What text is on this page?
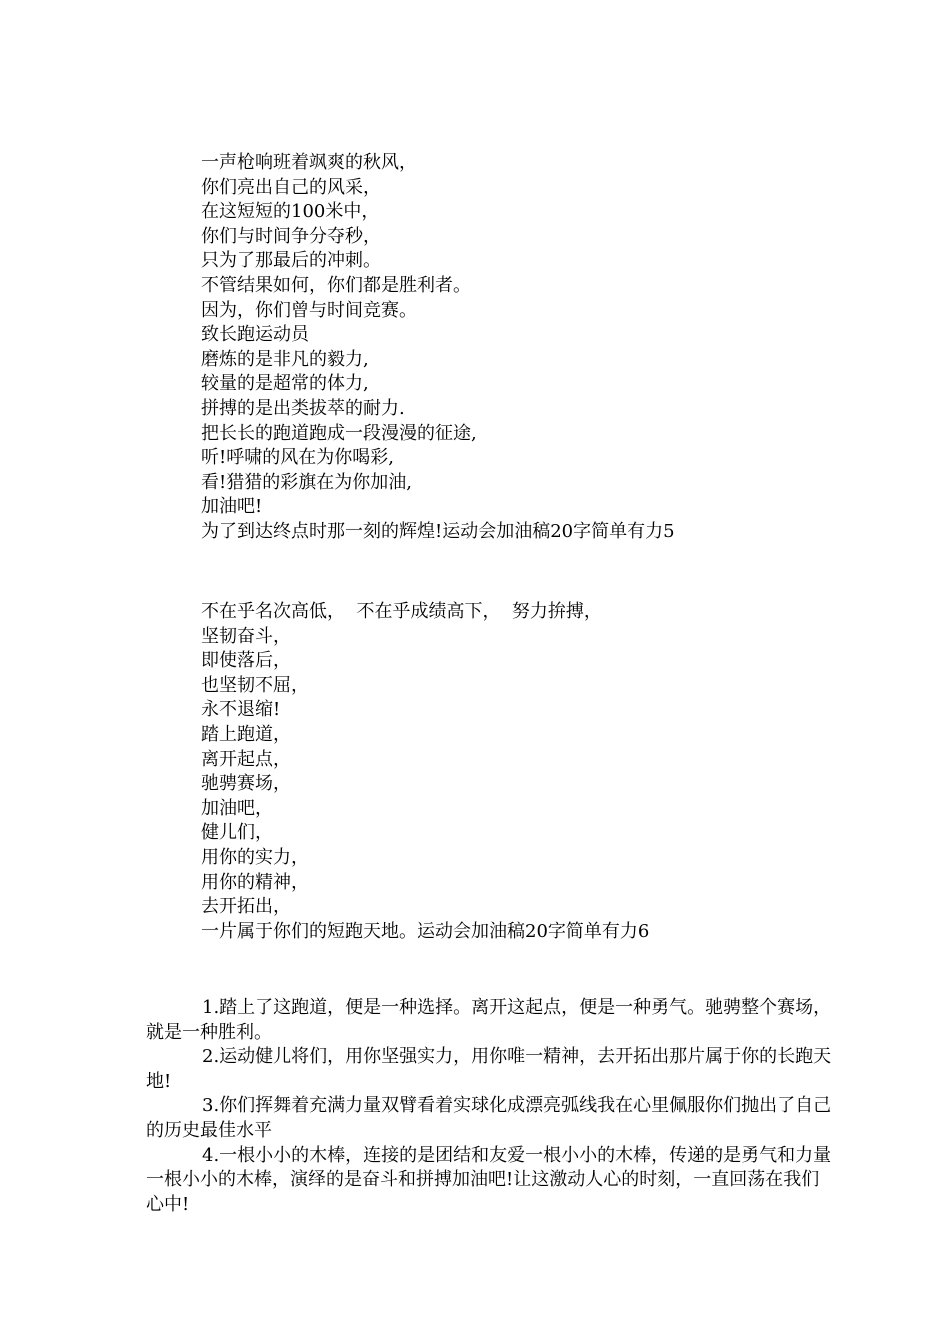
一声枪响班着飒爽的秋风，
你们亮出自己的风采，
在这短短的100米中，
你们与时间争分夺秒，
只为了那最后的冲刺。
不管结果如何，你们都是胜利者。
因为，你们曾与时间竞赛。
致长跑运动员
磨炼的是非凡的毅力,
较量的是超常的体力,
拼搏的是出类拔萃的耐力.
把长长的跑道跑成一段漫漫的征途,
听!呼啸的风在为你喝彩,
看!猎猎的彩旗在为你加油,
加油吧!
为了到达终点时那一刻的辉煌!运动会加油稿20字简单有力5
不在乎名次高低，  不在乎成绩高下，  努力拚搏，
坚韧奋斗，
即使落后，
也坚韧不屈，
永不退缩!
踏上跑道，
离开起点，
驰骋赛场，
加油吧，
健儿们，
用你的实力，
用你的精神，
去开拓出，
一片属于你们的短跑天地。运动会加油稿20字简单有力6
1.踏上了这跑道，便是一种选择。离开这起点，便是一种勇气。驰骋整个赛场，就是一种胜利。
2.运动健儿将们，用你坚强实力，用你唯一精神，去开拓出那片属于你的长跑天地!
3.你们挥舞着充满力量双臂看着实球化成漂亮弧线我在心里佩服你们抛出了自己的历史最佳水平
4.一根小小的木棒，连接的是团结和友爱一根小小的木棒，传递的是勇气和力量一根小小的木棒，演绎的是奋斗和拼搏加油吧!让这激动人心的时刻，一直回荡在我们心中!
